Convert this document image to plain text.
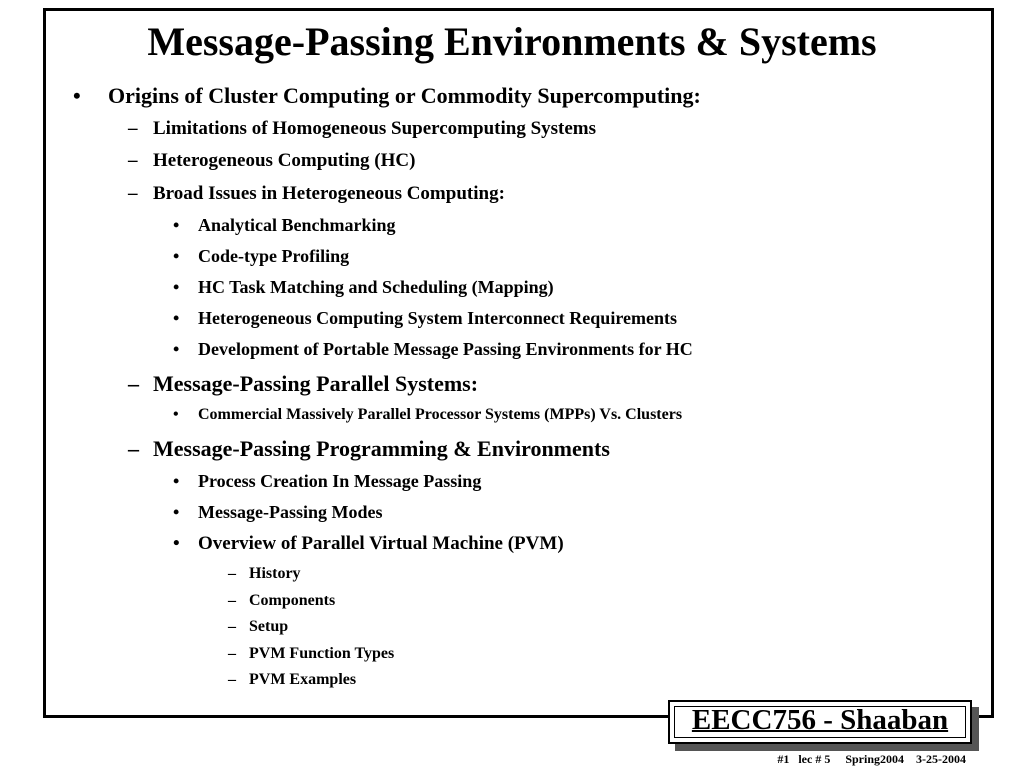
Message-Passing Environments & Systems
• Origins of Cluster Computing or Commodity Supercomputing:
– Limitations of Homogeneous Supercomputing Systems
– Heterogeneous Computing (HC)
– Broad Issues in Heterogeneous Computing:
• Analytical Benchmarking
• Code-type Profiling
• HC Task Matching and Scheduling (Mapping)
• Heterogeneous Computing System Interconnect Requirements
• Development of Portable Message Passing Environments for HC
– Message-Passing Parallel Systems:
• Commercial Massively Parallel Processor Systems (MPPs) Vs. Clusters
– Message-Passing Programming & Environments
• Process Creation In Message Passing
• Message-Passing Modes
• Overview of Parallel Virtual Machine (PVM)
– History
– Components
– Setup
– PVM Function Types
– PVM Examples
EECC756 - Shaaban
#1   lec # 5     Spring2004    3-25-2004
